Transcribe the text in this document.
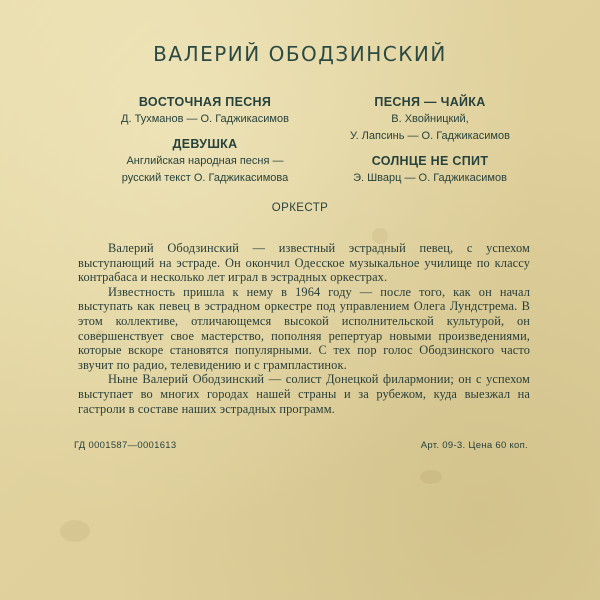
ВАЛЕРИЙ ОБОДЗИНСКИЙ
ВОСТОЧНАЯ ПЕСНЯ
Д. Тухманов — О. Гаджикасимов
ДЕВУШКА
Английская народная песня —
русский текст О. Гаджикасимова
ПЕСНЯ — ЧАЙКА
В. Хвойницкий,
У. Лапсинь — О. Гаджикасимов
СОЛНЦЕ НЕ СПИТ
Э. Шварц — О. Гаджикасимов
ОРКЕСТР

Валерий Ободзинский — известный эстрадный певец, с успехом выступающий на эстраде. Он окончил Одесское музыкальное училище по классу контрабаса и несколько лет играл в эстрадных оркестрах.

Известность пришла к нему в 1964 году — после того, как он начал выступать как певец в эстрадном оркестре под управлением Олега Лундстрема. В этом коллективе, отличающемся высокой исполнительской культурой, он совершенствует свое мастерство, пополняя репертуар новыми произведениями, которые вскоре становятся популярными. С тех пор голос Ободзинского часто звучит по радио, телевидению и с грампластинок.

Ныне Валерий Ободзинский — солист Донецкой филармонии; он с успехом выступает во многих городах нашей страны и за рубежом, куда выезжал на гастроли в составе наших эстрадных программ.

ГД 0001587—0001613	Арт. 09-3. Цена 60 коп.
